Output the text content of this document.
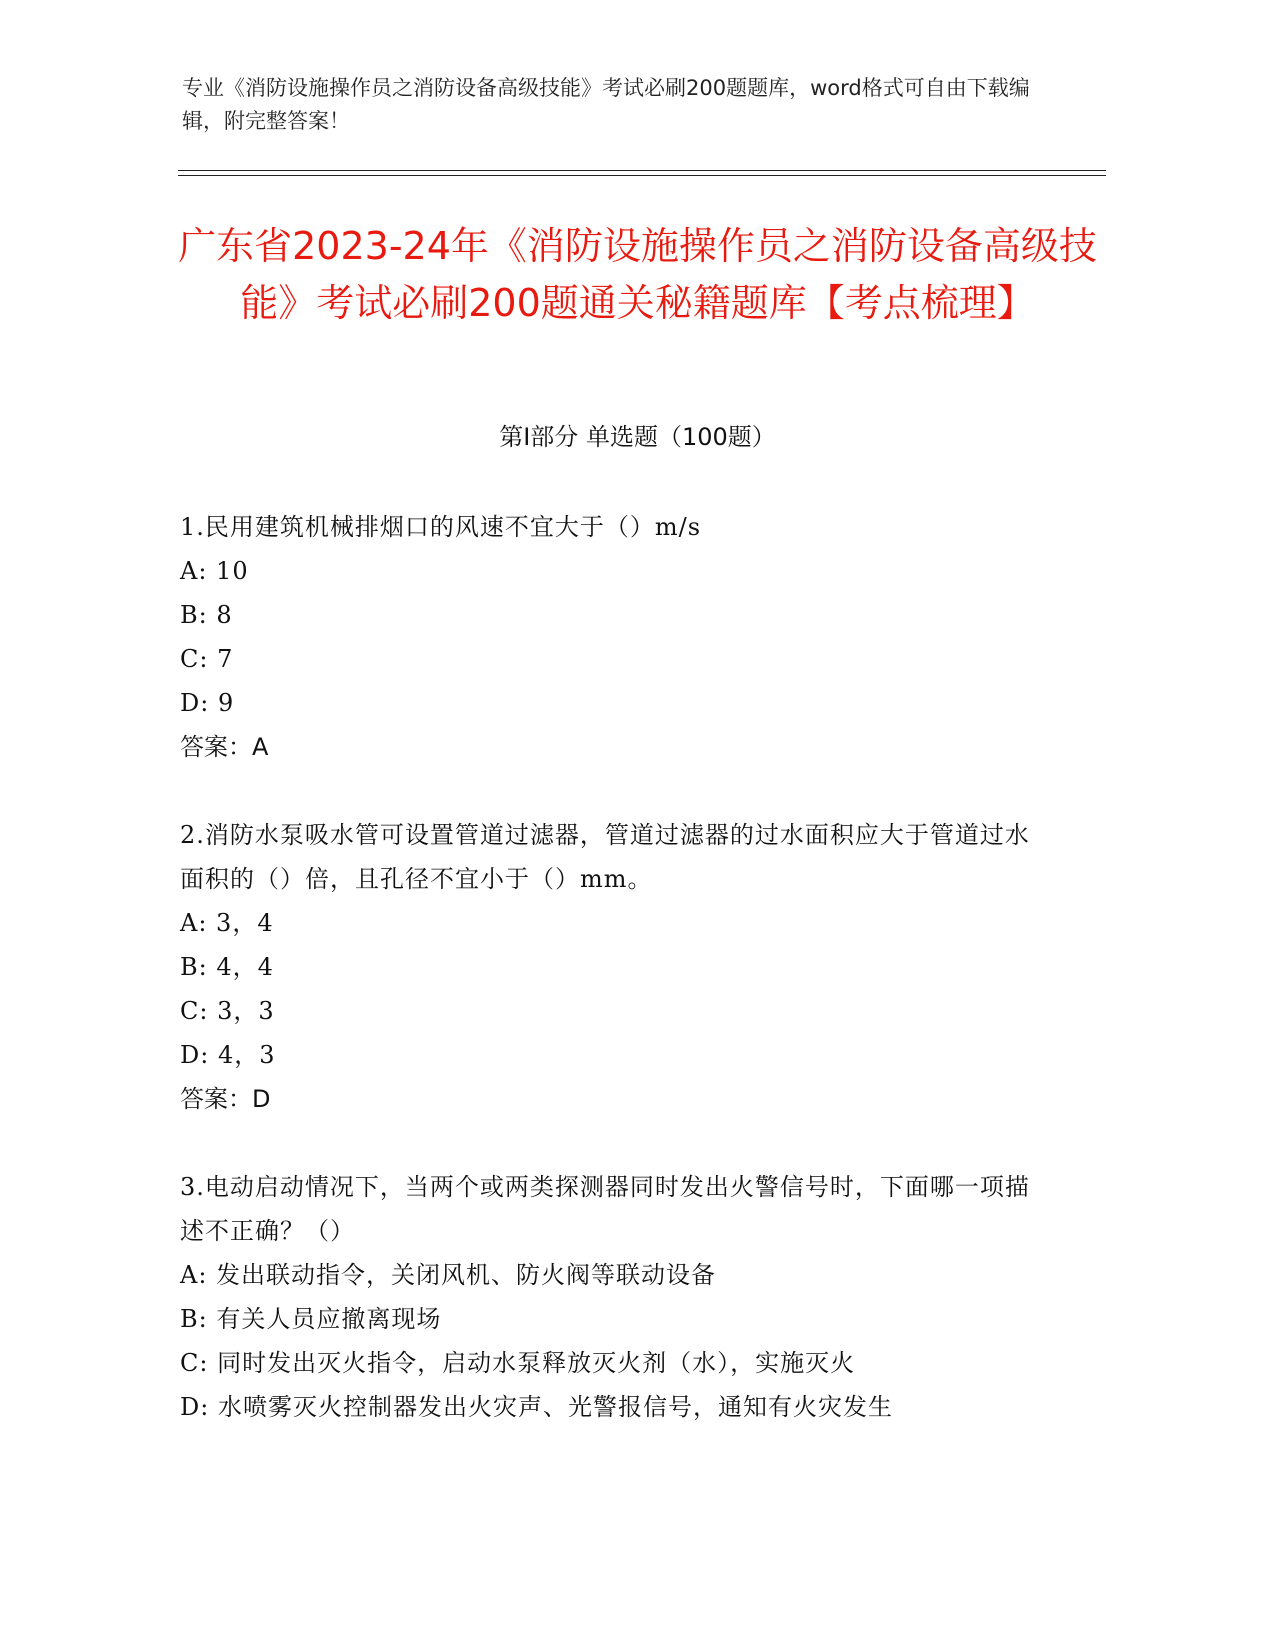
专业《消防设施操作员之消防设备高级技能》考试必刷200题题库，word格式可自由下载编辑，附完整答案！

广东省2023-24年《消防设施操作员之消防设备高级技能》考试必刷200题通关秘籍题库【考点梳理】
第Ⅰ部分 单选题（100题）

1.民用建筑机械排烟口的风速不宜大于（）m/s

A: 10
B: 8
C: 7
D: 9

答案：A

2.消防水泵吸水管可设置管道过滤器，管道过滤器的过水面积应大于管道过水面积的（）倍，且孔径不宜小于（）mm。

A: 3，4
B: 4，4
C: 3，3
D: 4，3

答案：D

3.电动启动情况下，当两个或两类探测器同时发出火警信号时，下面哪一项描述不正确？（）

A: 发出联动指令，关闭风机、防火阀等联动设备
B: 有关人员应撤离现场
C: 同时发出灭火指令，启动水泵释放灭火剂（水），实施灭火
D: 水喷雾灭火控制器发出火灾声、光警报信号，通知有火灾发生
